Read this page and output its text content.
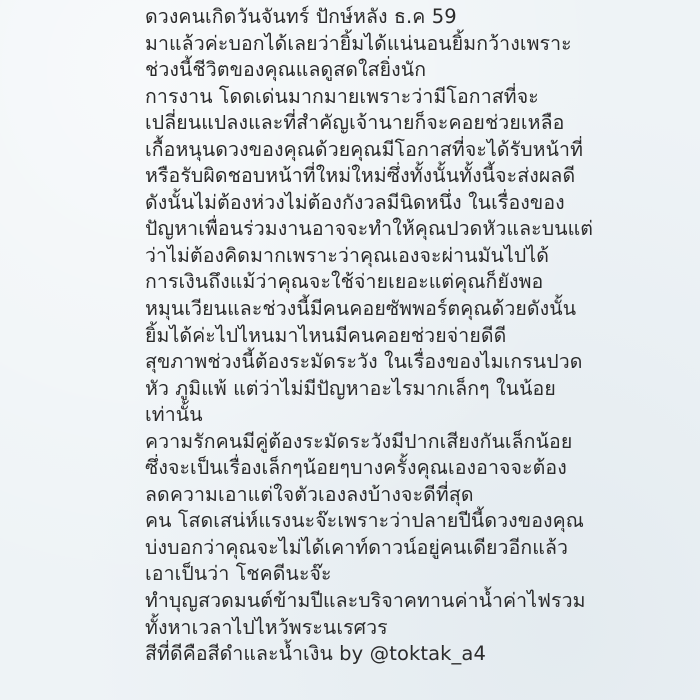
ดวงคนเกิดวันจันทร์ ปักษ์หลัง ธ.ค 59
มาแล้วค่ะบอกได้เลยว่ายิ้มได้แน่นอนยิ้มกว้างเพราะ
ช่วงนี้ชีวิตของคุณแลดูสดใสยิ่งนัก
การงาน โดดเด่นมากมายเพราะว่ามีโอกาสที่จะ
เปลี่ยนแปลงและที่สำคัญเจ้านายก็จะคอยช่วยเหลือ
เกื้อหนุนดวงของคุณด้วยคุณมีโอกาสที่จะได้รับหน้าที่
หรือรับผิดชอบหน้าที่ใหม่ใหม่ซึ่งทั้งนั้นทั้งนี้จะส่งผลดี
ดังนั้นไม่ต้องห่วงไม่ต้องกังวลมีนิดหนึ่ง ในเรื่องของ
ปัญหาเพื่อนร่วมงานอาจจะทำให้คุณปวดหัวและบนแต่
ว่าไม่ต้องคิดมากเพราะว่าคุณเองจะผ่านมันไปได้
การเงินถึงแม้ว่าคุณจะใช้จ่ายเยอะแต่คุณก็ยังพอ
หมุนเวียนและช่วงนี้มีคนคอยซัพพอร์ตคุณด้วยดังนั้น
ยิ้มได้ค่ะไปไหนมาไหนมีคนคอยช่วยจ่ายดีดี
สุขภาพช่วงนี้ต้องระมัดระวัง ในเรื่องของไมเกรนปวด
หัว ภูมิแพ้ แต่ว่าไม่มีปัญหาอะไรมากเล็กๆ ในน้อย
เท่านั้น
ความรักคนมีคู่ต้องระมัดระวังมีปากเสียงกันเล็กน้อย
ซึ่งจะเป็นเรื่องเล็กๆน้อยๆบางครั้งคุณเองอาจจะต้อง
ลดความเอาแต่ใจตัวเองลงบ้างจะดีที่สุด
คน โสดเสน่ห์แรงนะจ๊ะเพราะว่าปลายปีนี้ดวงของคุณ
บ่งบอกว่าคุณจะไม่ได้เคาท์ดาวน์อยู่คนเดียวอีกแล้ว
เอาเป็นว่า โชคดีนะจ๊ะ
ทำบุญสวดมนต์ข้ามปีและบริจาคทานค่าน้ำค่าไฟรวม
ทั้งหาเวลาไปไหว้พระนเรศวร
สีที่ดีคือสีดำและน้ำเงิน by @toktak_a4
